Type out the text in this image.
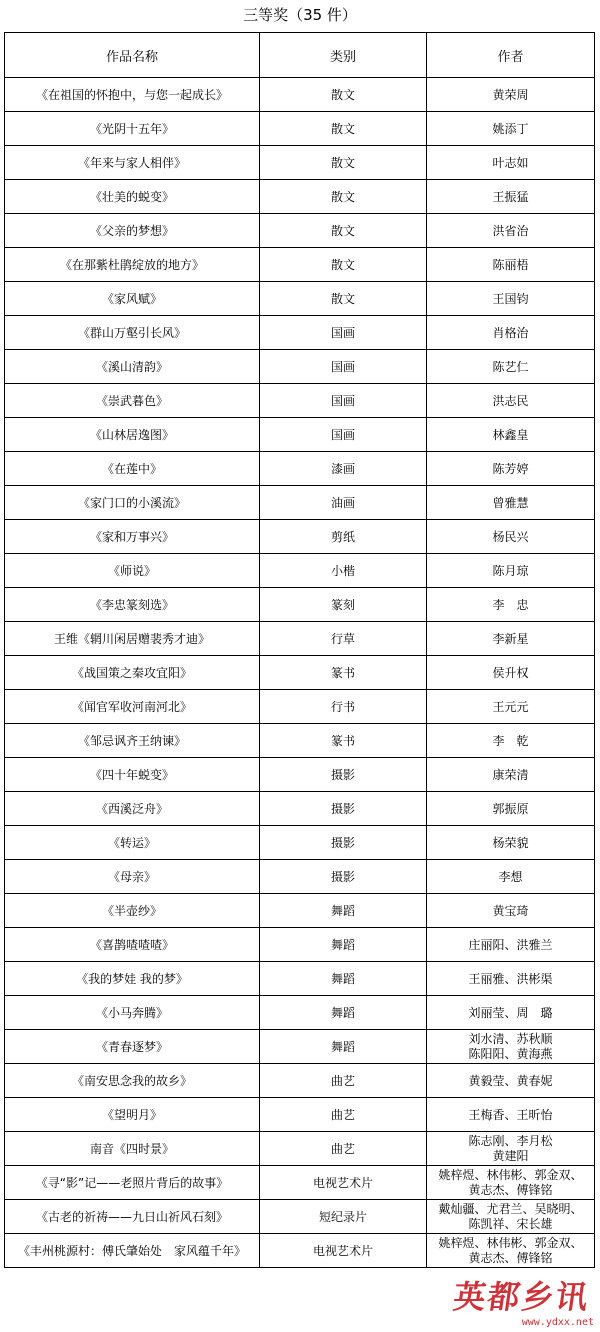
三等奖（35 件）
作品名称	类别	作者
《在祖国的怀抱中，与您一起成长》	散文	黄荣周
《光阴十五年》	散文	姚添丁
《年来与家人相伴》	散文	叶志如
《壮美的蜕变》	散文	王振猛
《父亲的梦想》	散文	洪省治
《在那紫杜鹃绽放的地方》	散文	陈丽梧
《家风赋》	散文	王国钧
《群山万壑引长风》	国画	肖格治
《溪山清韵》	国画	陈艺仁
《崇武暮色》	国画	洪志民
《山林居逸图》	国画	林鑫皇
《在莲中》	漆画	陈芳婷
《家门口的小溪流》	油画	曾雅慧
《家和万事兴》	剪纸	杨民兴
《师说》	小楷	陈月琼
《李忠篆刻选》	篆刻	李　忠
王维《辋川闲居赠裴秀才迪》	行草	李新星
《战国策之秦攻宜阳》	篆书	侯升权
《闻官军收河南河北》	行书	王元元
《邹忌讽齐王纳谏》	篆书	李　乾
《四十年蜕变》	摄影	康荣清
《西溪泛舟》	摄影	郭振原
《转运》	摄影	杨荣貌
《母亲》	摄影	李想
《半壶纱》	舞蹈	黄宝琦
《喜鹊喳喳喳》	舞蹈	庄丽阳、洪雅兰
《我的梦娃 我的梦》	舞蹈	王丽雅、洪彬渠
《小马奔腾》	舞蹈	刘丽莹、周　璐
《青春逐梦》	舞蹈	刘水清、苏秋顺
陈阳阳、黄海燕
《南安思念我的故乡》	曲艺	黄毅莹、黄春妮
《望明月》	曲艺	王梅香、王昕怡
南音《四时景》	曲艺	陈志刚、李月松
黄建阳
《寻“影”记——老照片背后的故事》	电视艺术片	姚梓煜、林伟彬、郭金双、
黄志杰、傅锋铭
《古老的祈祷——九日山祈风石刻》	短纪录片	戴灿疆、尤君兰、吴晓明、
陈凯祥、宋长雄
《丰州桃源村：傅氏肇始处　家风蕴千年》	电视艺术片	姚梓煜、林伟彬、郭金双、
黄志杰、傅锋铭
英都乡讯
www.ydxx.net
